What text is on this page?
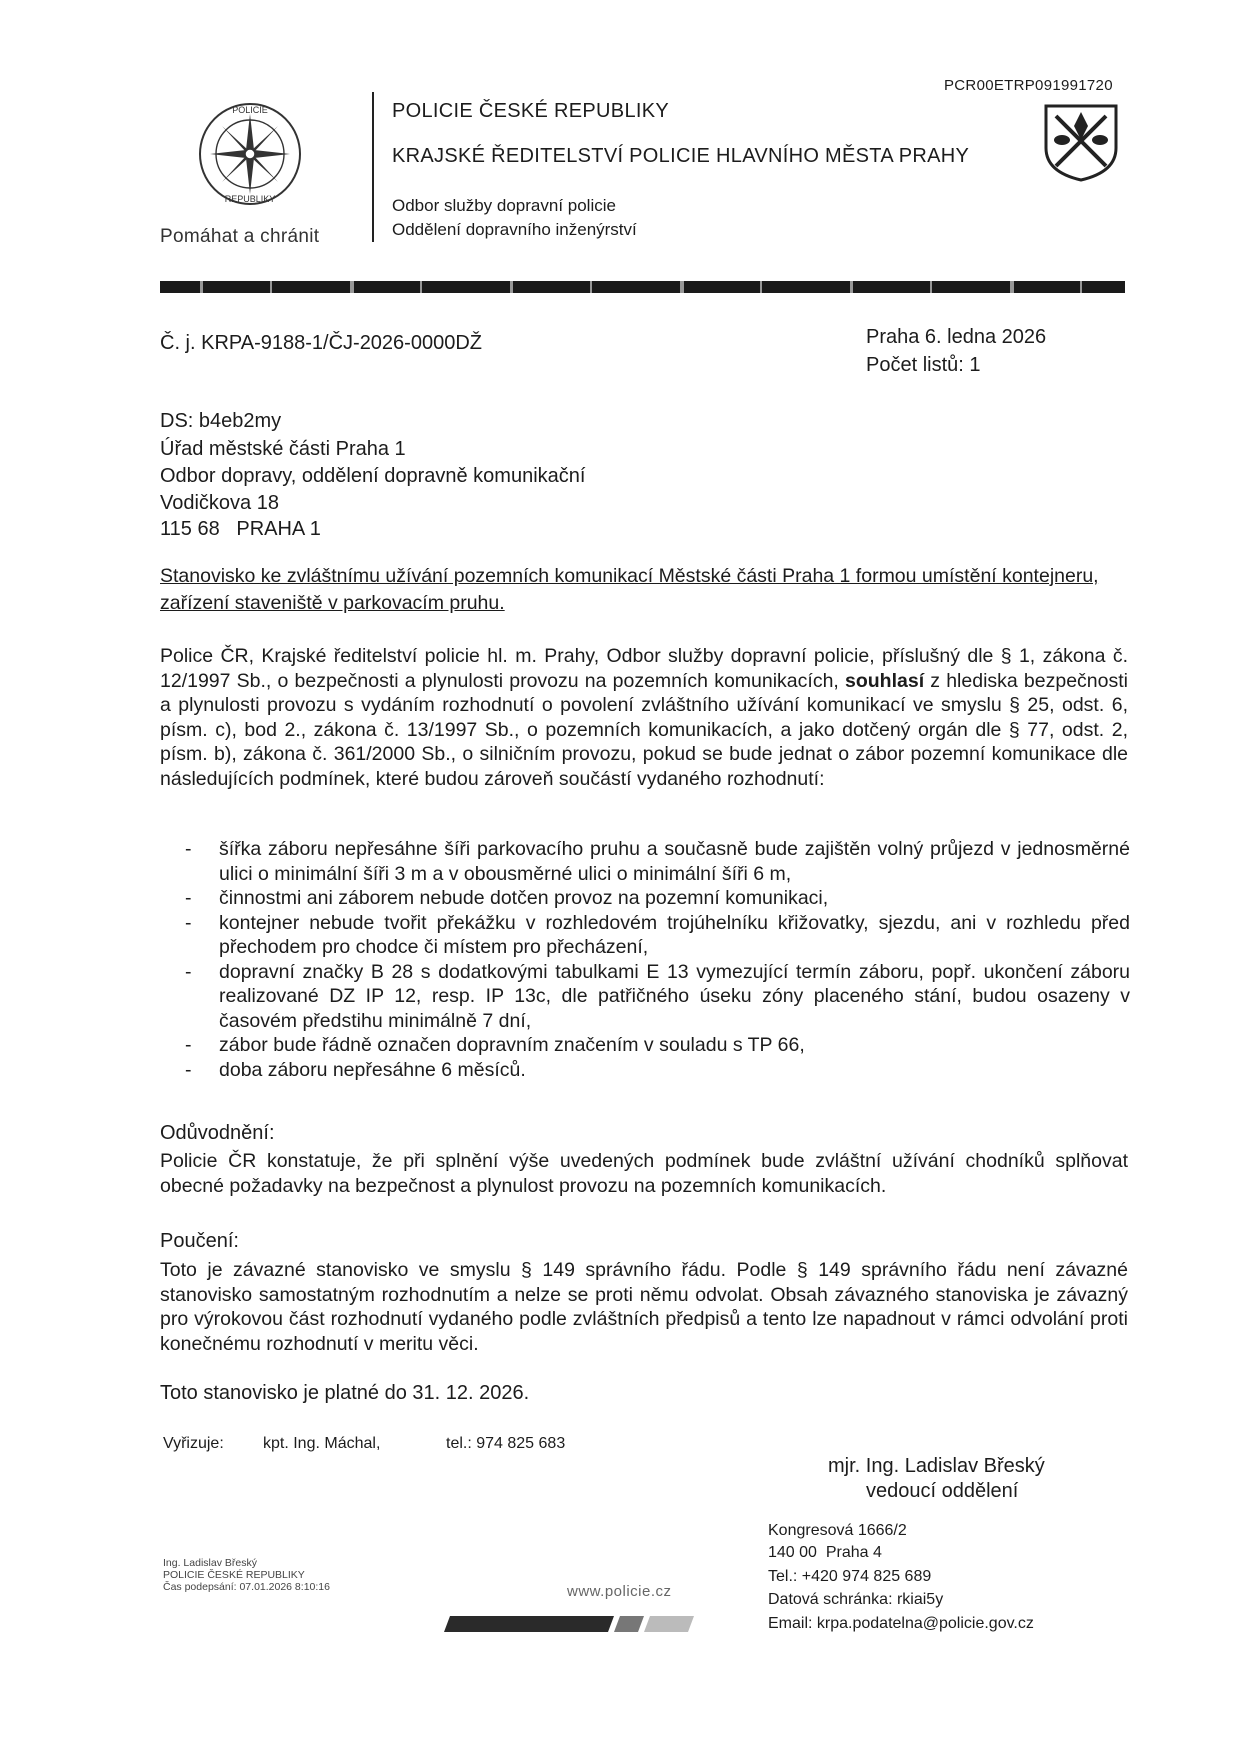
POLICIE
REPUBLIKY
Pomáhat a chránit
POLICIE ČESKÉ REPUBLIKY
KRAJSKÉ ŘEDITELSTVÍ POLICIE HLAVNÍHO MĚSTA PRAHY
Odbor služby dopravní policie
Oddělení dopravního inženýrství
PCR00ETRP091991720
Č. j. KRPA-9188-1/ČJ-2026-0000DŽ	Praha 6. ledna 2026
Počet listů: 1
DS: b4eb2my
Úřad městské části Praha 1
Odbor dopravy, oddělení dopravně komunikační
Vodičkova 18
115 68   PRAHA 1
Stanovisko ke zvláštnímu užívání pozemních komunikací Městské části Praha 1 formou umístění kontejneru, zařízení staveniště v parkovacím pruhu.
Police ČR, Krajské ředitelství policie hl. m. Prahy, Odbor služby dopravní policie, příslušný dle § 1, zákona č. 12/1997 Sb., o bezpečnosti a plynulosti provozu na pozemních komunikacích, souhlasí z hlediska bezpečnosti a plynulosti provozu s vydáním rozhodnutí o povolení zvláštního užívání komunikací ve smyslu § 25, odst. 6, písm. c), bod 2., zákona č. 13/1997 Sb., o pozemních komunikacích, a jako dotčený orgán dle § 77, odst. 2, písm. b), zákona č. 361/2000 Sb., o silničním provozu, pokud se bude jednat o zábor pozemní komunikace dle následujících podmínek, které budou zároveň součástí vydaného rozhodnutí:
- šířka záboru nepřesáhne šíři parkovacího pruhu a současně bude zajištěn volný průjezd v jednosměrné ulici o minimální šíři 3 m a v obousměrné ulici o minimální šíři 6 m,
- činnostmi ani záborem nebude dotčen provoz na pozemní komunikaci,
- kontejner nebude tvořit překážku v rozhledovém trojúhelníku křižovatky, sjezdu, ani v rozhledu před přechodem pro chodce či místem pro přecházení,
- dopravní značky B 28 s dodatkovými tabulkami E 13 vymezující termín záboru, popř. ukončení záboru realizované DZ IP 12, resp. IP 13c, dle patřičného úseku zóny placeného stání, budou osazeny v časovém předstihu minimálně 7 dní,
- zábor bude řádně označen dopravním značením v souladu s TP 66,
- doba záboru nepřesáhne 6 měsíců.
Odůvodnění:
Policie ČR konstatuje, že při splnění výše uvedených podmínek bude zvláštní užívání chodníků splňovat obecné požadavky na bezpečnost a plynulost provozu na pozemních komunikacích.
Poučení:
Toto je závazné stanovisko ve smyslu § 149 správního řádu. Podle § 149 správního řádu není závazné stanovisko samostatným rozhodnutím a nelze se proti němu odvolat. Obsah závazného stanoviska je závazný pro výrokovou část rozhodnutí vydaného podle zvláštních předpisů a tento lze napadnout v rámci odvolání proti konečnému rozhodnutí v meritu věci.
Toto stanovisko je platné do 31. 12. 2026.
Vyřizuje: kpt. Ing. Máchal,	tel.: 974 825 683
mjr. Ing. Ladislav Břeský
vedoucí oddělení
Kongresová 1666/2
140 00  Praha 4
Tel.: +420 974 825 689
Datová schránka: rkiai5y
Email: krpa.podatelna@policie.gov.cz
Ing. Ladislav Břeský
POLICIE ČESKÉ REPUBLIKY
Čas podepsání: 07.01.2026 8:10:16	www.policie.cz
